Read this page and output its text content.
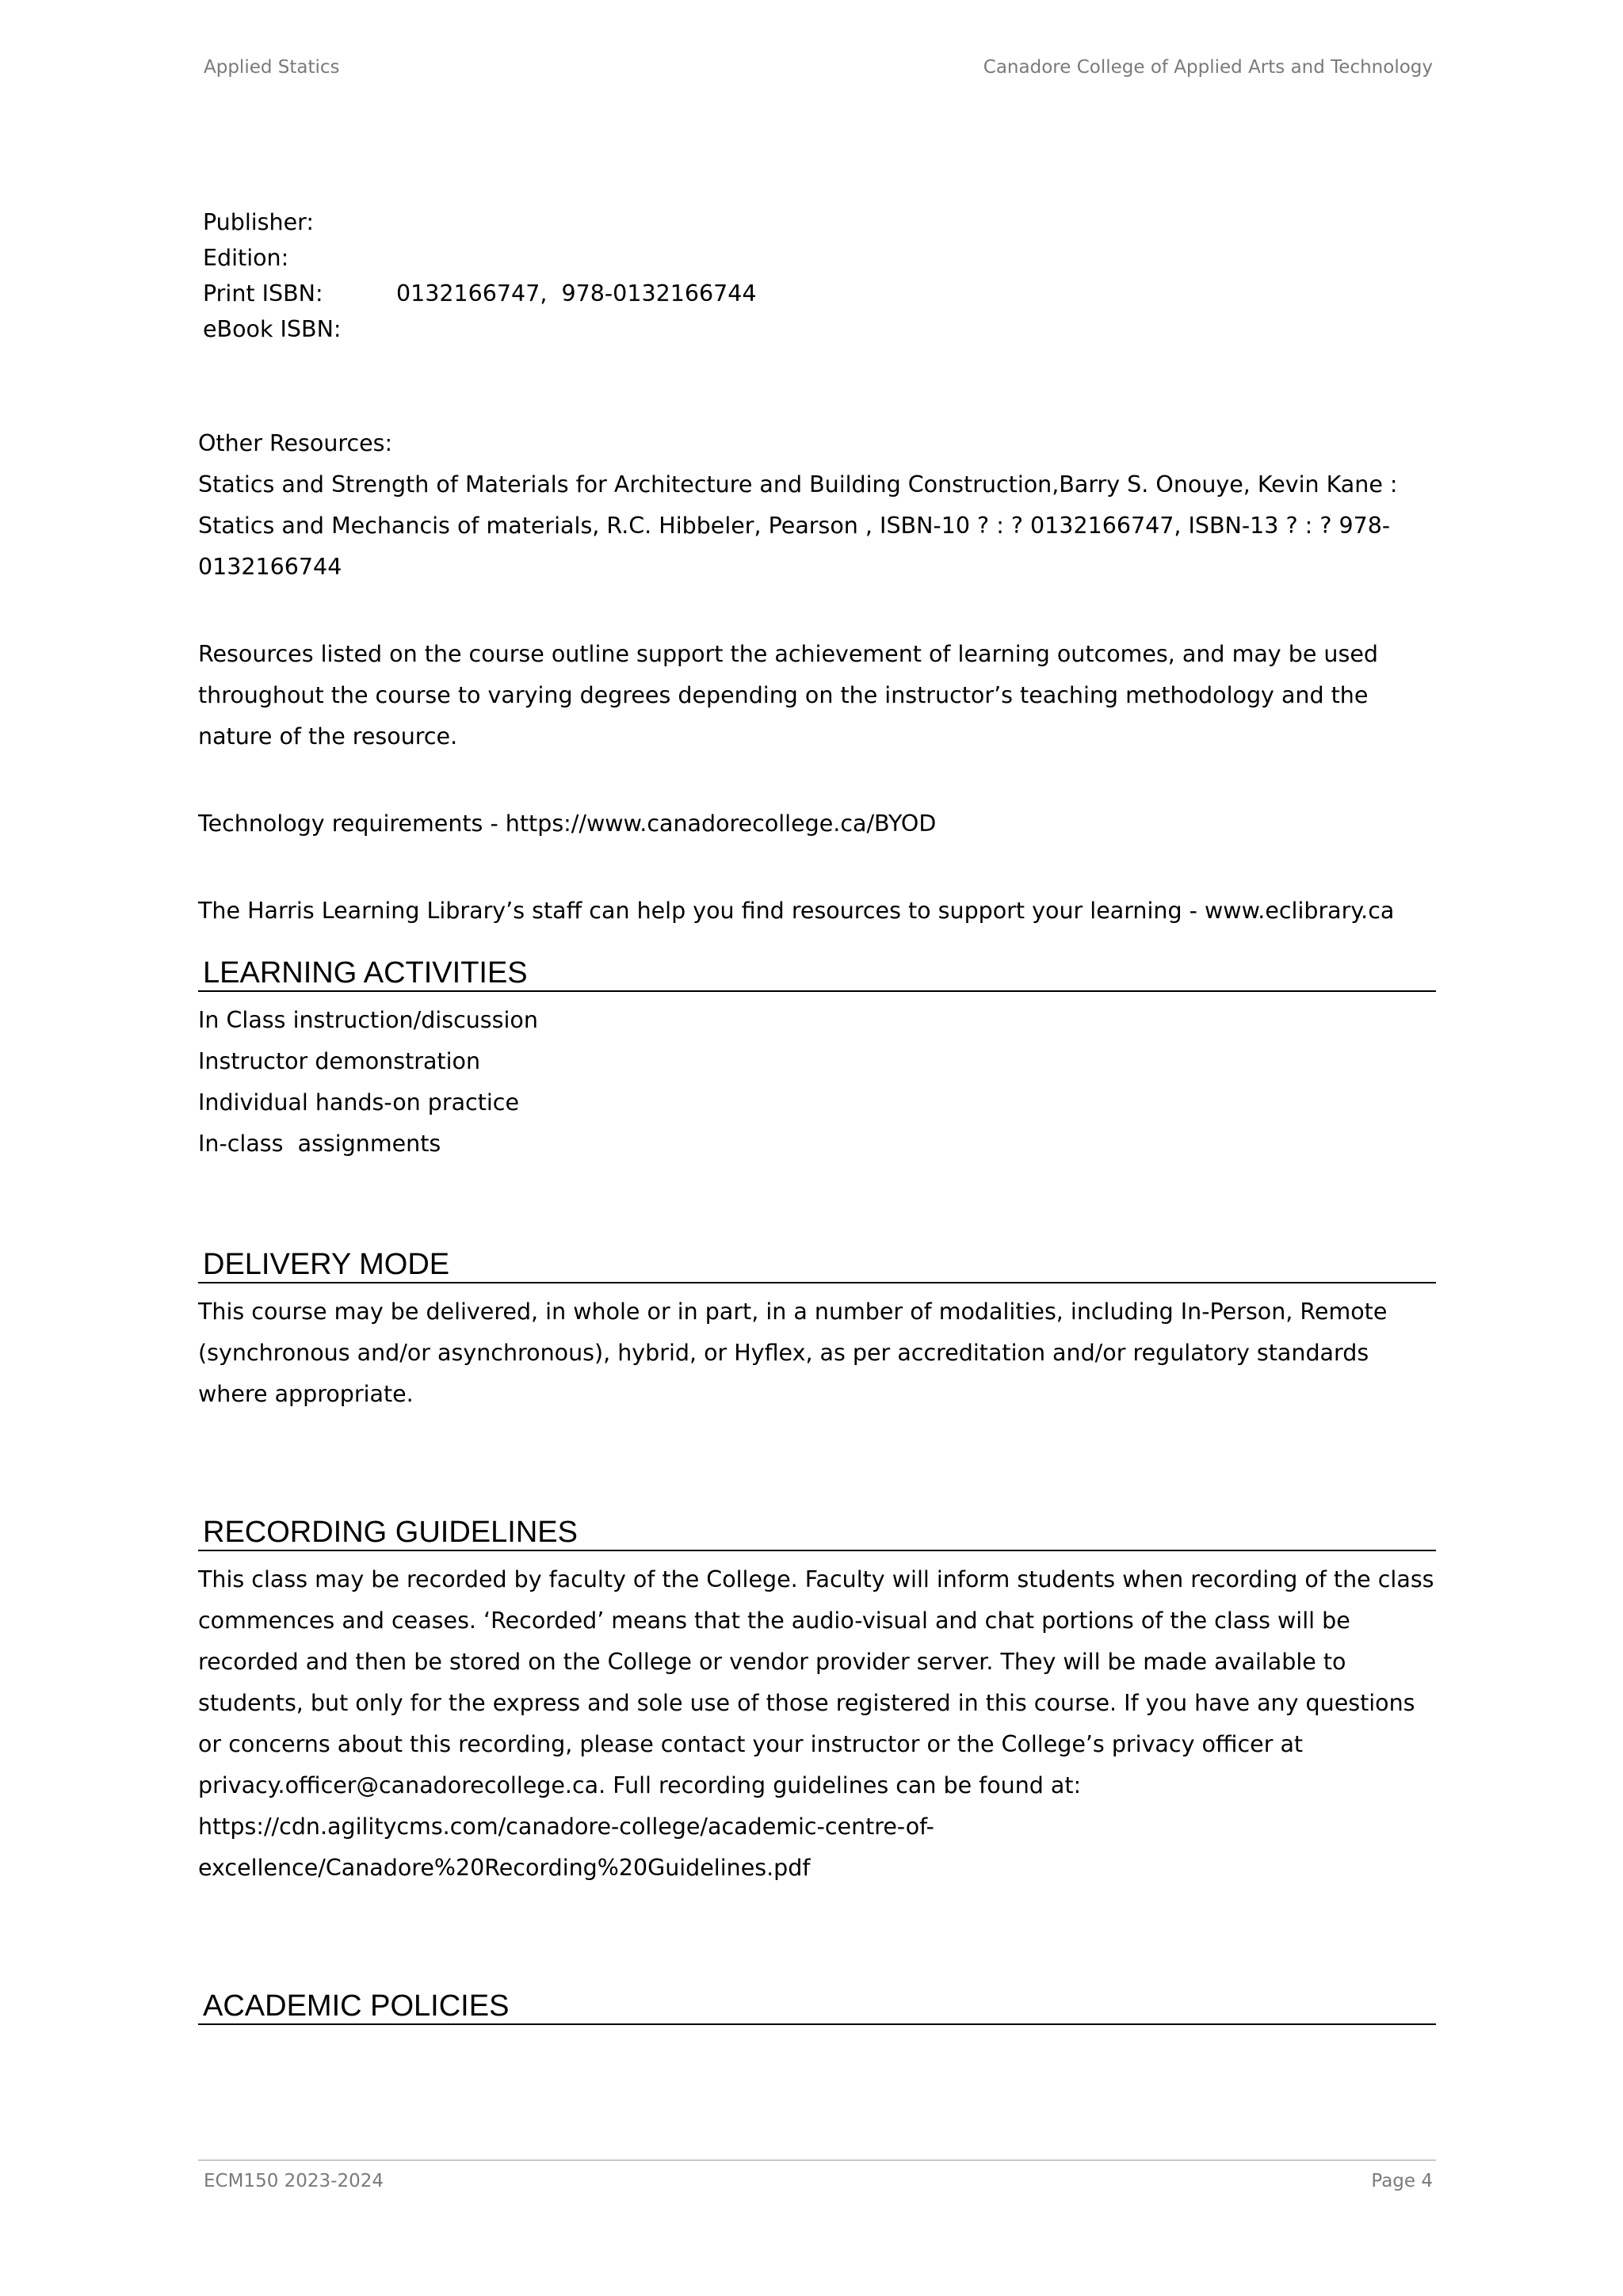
Applied Statics	Canadore College of Applied Arts and Technology
Publisher:
Edition:
Print ISBN:	0132166747,  978-0132166744
eBook ISBN:

Other Resources:

Statics and Strength of Materials for Architecture and Building Construction,Barry S. Onouye, Kevin Kane : Statics and Mechancis of materials, R.C. Hibbeler, Pearson , ISBN-10 ? : ? 0132166747, ISBN-13 ? : ? 978-0132166744

Resources listed on the course outline support the achievement of learning outcomes, and may be used throughout the course to varying degrees depending on the instructor’s teaching methodology and the nature of the resource.

Technology requirements - https://www.canadorecollege.ca/BYOD

The Harris Learning Library’s staff can help you find resources to support your learning - www.eclibrary.ca

LEARNING ACTIVITIES

In Class instruction/discussion

Instructor demonstration

Individual hands-on practice

In-class  assignments

DELIVERY MODE

This course may be delivered, in whole or in part, in a number of modalities, including In-Person, Remote (synchronous and/or asynchronous), hybrid, or Hyflex, as per accreditation and/or regulatory standards where appropriate.

RECORDING GUIDELINES

This class may be recorded by faculty of the College. Faculty will inform students when recording of the class commences and ceases. ‘Recorded’ means that the audio-visual and chat portions of the class will be recorded and then be stored on the College or vendor provider server. They will be made available to students, but only for the express and sole use of those registered in this course. If you have any questions or concerns about this recording, please contact your instructor or the College’s privacy officer at privacy.officer@canadorecollege.ca. Full recording guidelines can be found at: https://cdn.agilitycms.com/canadore-college/academic-centre-of-excellence/Canadore%20Recording%20Guidelines.pdf

ACADEMIC POLICIES
ECM150 2023-2024	Page 4
